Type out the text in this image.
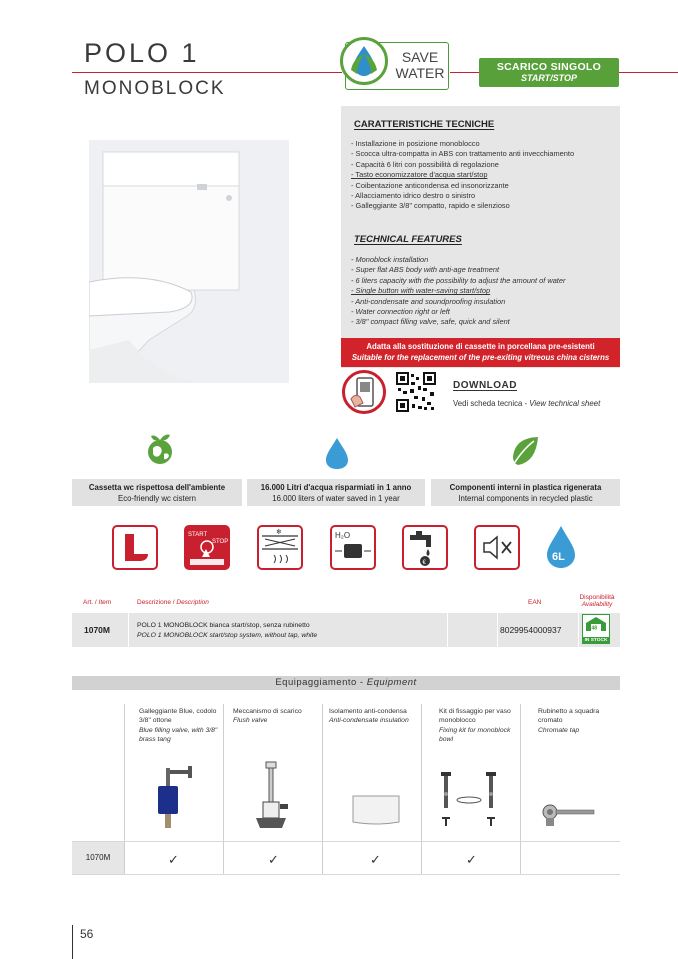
POLO 1
MONOBLOCK
SAVE
WATER	SCARICO SINGOLO
START/STOP
CARATTERISTICHE TECNICHE
- Installazione in posizione monoblocco
- Scocca ultra-compatta in ABS con trattamento anti invecchiamento
- Capacità 6 litri con possibilità di regolazione
- Tasto economizzatore d'acqua start/stop
- Coibentazione anticondensa ed insonorizzante
- Allacciamento idrico destro o sinistro
- Galleggiante 3/8" compatto, rapido e silenzioso
TECHNICAL FEATURES
- Monoblock installation
- Super flat ABS body with anti-age treatment
- 6 liters capacity with the possibility to adjust the amount of water
- Single button with water-saving start/stop
- Anti-condensate and soundproofing insulation
- Water connection right or left
- 3/8" compact filling valve, safe, quick and silent
Adatta alla sostituzione di cassette in porcellana pre-esistenti
Suitable for the replacement of the pre-exiting vitreous china cisterns
DOWNLOAD
Vedi scheda tecnica - View technical sheet
Cassetta wc rispettosa dell'ambiente
Eco-friendly wc cistern
16.000 Litri d'acqua risparmiati in 1 anno
16.000 liters of water saved in 1 year
Componenti interni in plastica rigenerata
Internal components in recycled plastic
START
STOP
❄	H₂O
€	6L
Art. / Item	Descrizione / Description	EAN
Disponibilità
Availability
1070M	POLO 1 MONOBLOCK bianca start/stop, senza rubinetto
POLO 1 MONOBLOCK start/stop system, without tap, white	8029954000937	48
IN STOCK
Equipaggiamento - Equipment
Galleggiante Blue, codolo 3/8" ottone
Blue filling valve, with 3/8" brass tang
Meccanismo di scarico
Flush valve
Isolamento anti-condensa
Anti-condensate insulation
Kit di fissaggio per vaso monoblocco
Fixing kit for monoblock bowl
Rubinetto a squadra cromato
Chromate tap
1070M	✓	✓	✓	✓
56
